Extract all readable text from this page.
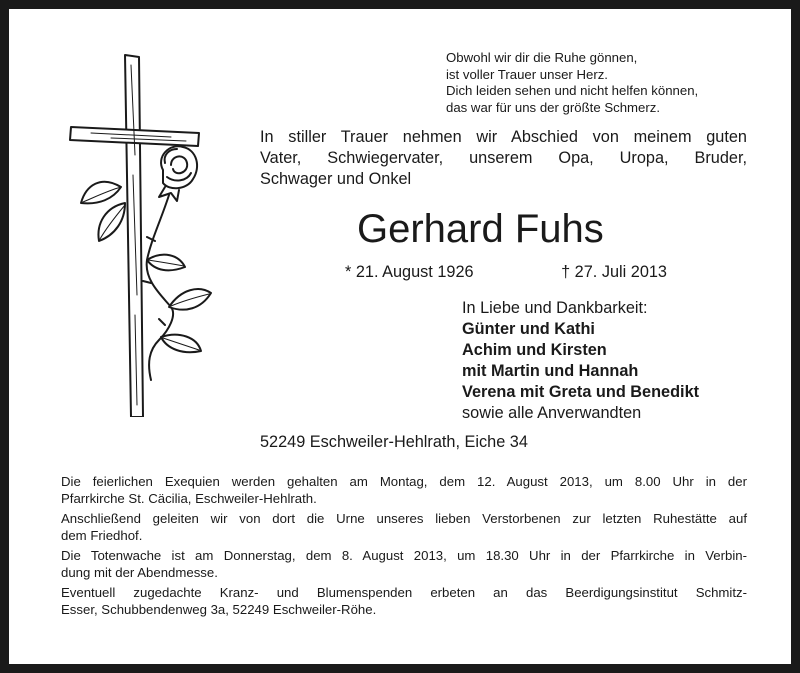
Obwohl wir dir die Ruhe gönnen,
ist voller Trauer unser Herz.
Dich leiden sehen und nicht helfen können,
das war für uns der größte Schmerz.
In stiller Trauer nehmen wir Abschied von meinem guten
Vater, Schwiegervater, unserem Opa, Uropa, Bruder,
Schwager und Onkel
Gerhard Fuhs
* 21. August 1926	† 27. Juli 2013
In Liebe und Dankbarkeit:
Günter und Kathi
Achim und Kirsten
mit Martin und Hannah
Verena mit Greta und Benedikt
sowie alle Anverwandten
52249 Eschweiler-Hehlrath, Eiche 34
Die feierlichen Exequien werden gehalten am Montag, dem 12. August 2013, um 8.00 Uhr in der
Pfarrkirche St. Cäcilia, Eschweiler-Hehlrath.
Anschließend geleiten wir von dort die Urne unseres lieben Verstorbenen zur letzten Ruhestätte auf
dem Friedhof.
Die Totenwache ist am Donnerstag, dem 8. August 2013, um 18.30 Uhr in der Pfarrkirche in Verbin-
dung mit der Abendmesse.
Eventuell zugedachte Kranz- und Blumenspenden erbeten an das Beerdigungsinstitut Schmitz-
Esser, Schubbendenweg 3a, 52249 Eschweiler-Röhe.
